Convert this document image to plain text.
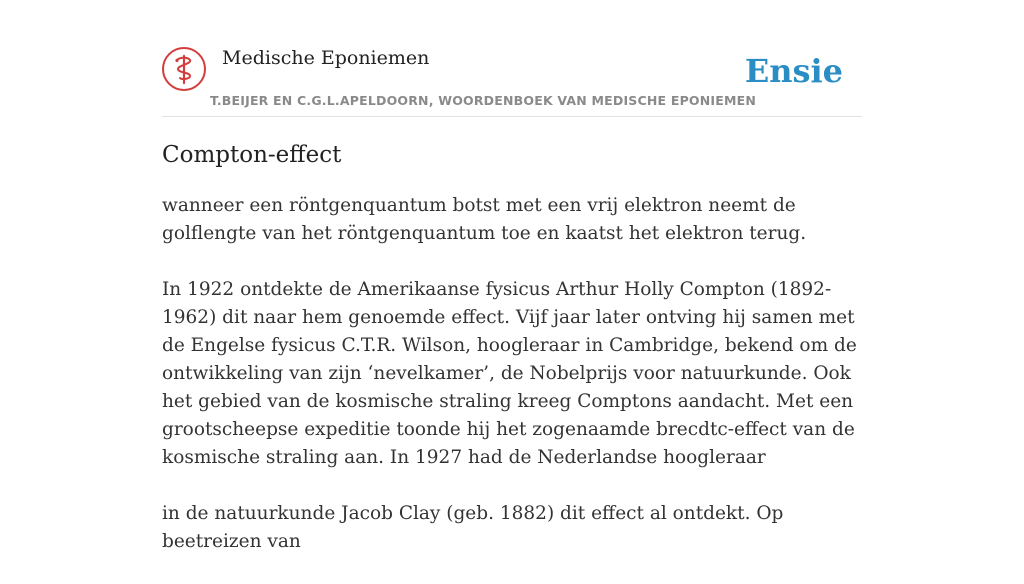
Medische Eponiemen
T.BEIJER EN C.G.L.APELDOORN, WOORDENBOEK VAN MEDISCHE EPONIEMEN
Ensie
Compton-effect

wanneer een röntgenquantum botst met een vrij elektron neemt de golflengte van het röntgenquantum toe en kaatst het elektron terug.

In 1922 ontdekte de Amerikaanse fysicus Arthur Holly Compton (1892-1962) dit naar hem genoemde effect. Vijf jaar later ontving hij samen met de Engelse fysicus C.T.R. Wilson, hoogleraar in Cambridge, bekend om de ontwikkeling van zijn ‘nevelkamer’, de Nobelprijs voor natuurkunde. Ook het gebied van de kosmische straling kreeg Comptons aandacht. Met een grootscheepse expeditie toonde hij het zogenaamde brecdtc-effect van de kosmische straling aan. In 1927 had de Nederlandse hoogleraar

in de natuurkunde Jacob Clay (geb. 1882) dit effect al ontdekt. Op beetreizen van
